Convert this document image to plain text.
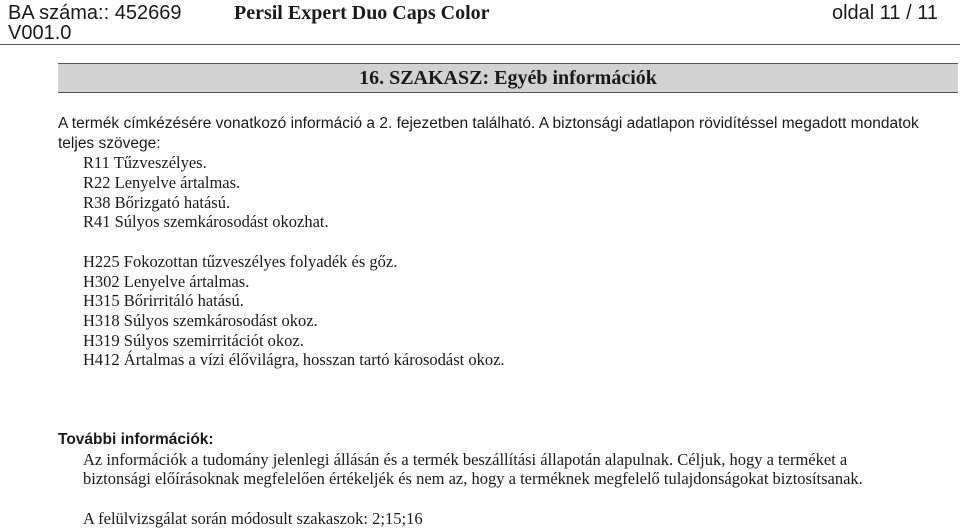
BA száma:: 452669
V001.0
Persil Expert Duo Caps Color	oldal 11 / 11
16. SZAKASZ: Egyéb információk
A termék címkézésére vonatkozó információ a 2. fejezetben található. A biztonsági adatlapon rövidítéssel megadott mondatok
teljes szövege:
R11 Tűzveszélyes.
R22 Lenyelve ártalmas.
R38 Bőrizgató hatású.
R41 Súlyos szemkárosodást okozhat.
H225 Fokozottan tűzveszélyes folyadék és gőz.
H302 Lenyelve ártalmas.
H315 Bőrirritáló hatású.
H318 Súlyos szemkárosodást okoz.
H319 Súlyos szemirritációt okoz.
H412 Ártalmas a vízi élővilágra, hosszan tartó károsodást okoz.
További információk:
Az információk a tudomány jelenlegi állásán és a termék beszállítási állapotán alapulnak. Céljuk, hogy a terméket a
biztonsági előírásoknak megfelelően értékeljék és nem az, hogy a terméknek megfelelő tulajdonságokat biztosítsanak.
A felülvizsgálat során módosult szakaszok: 2;15;16
